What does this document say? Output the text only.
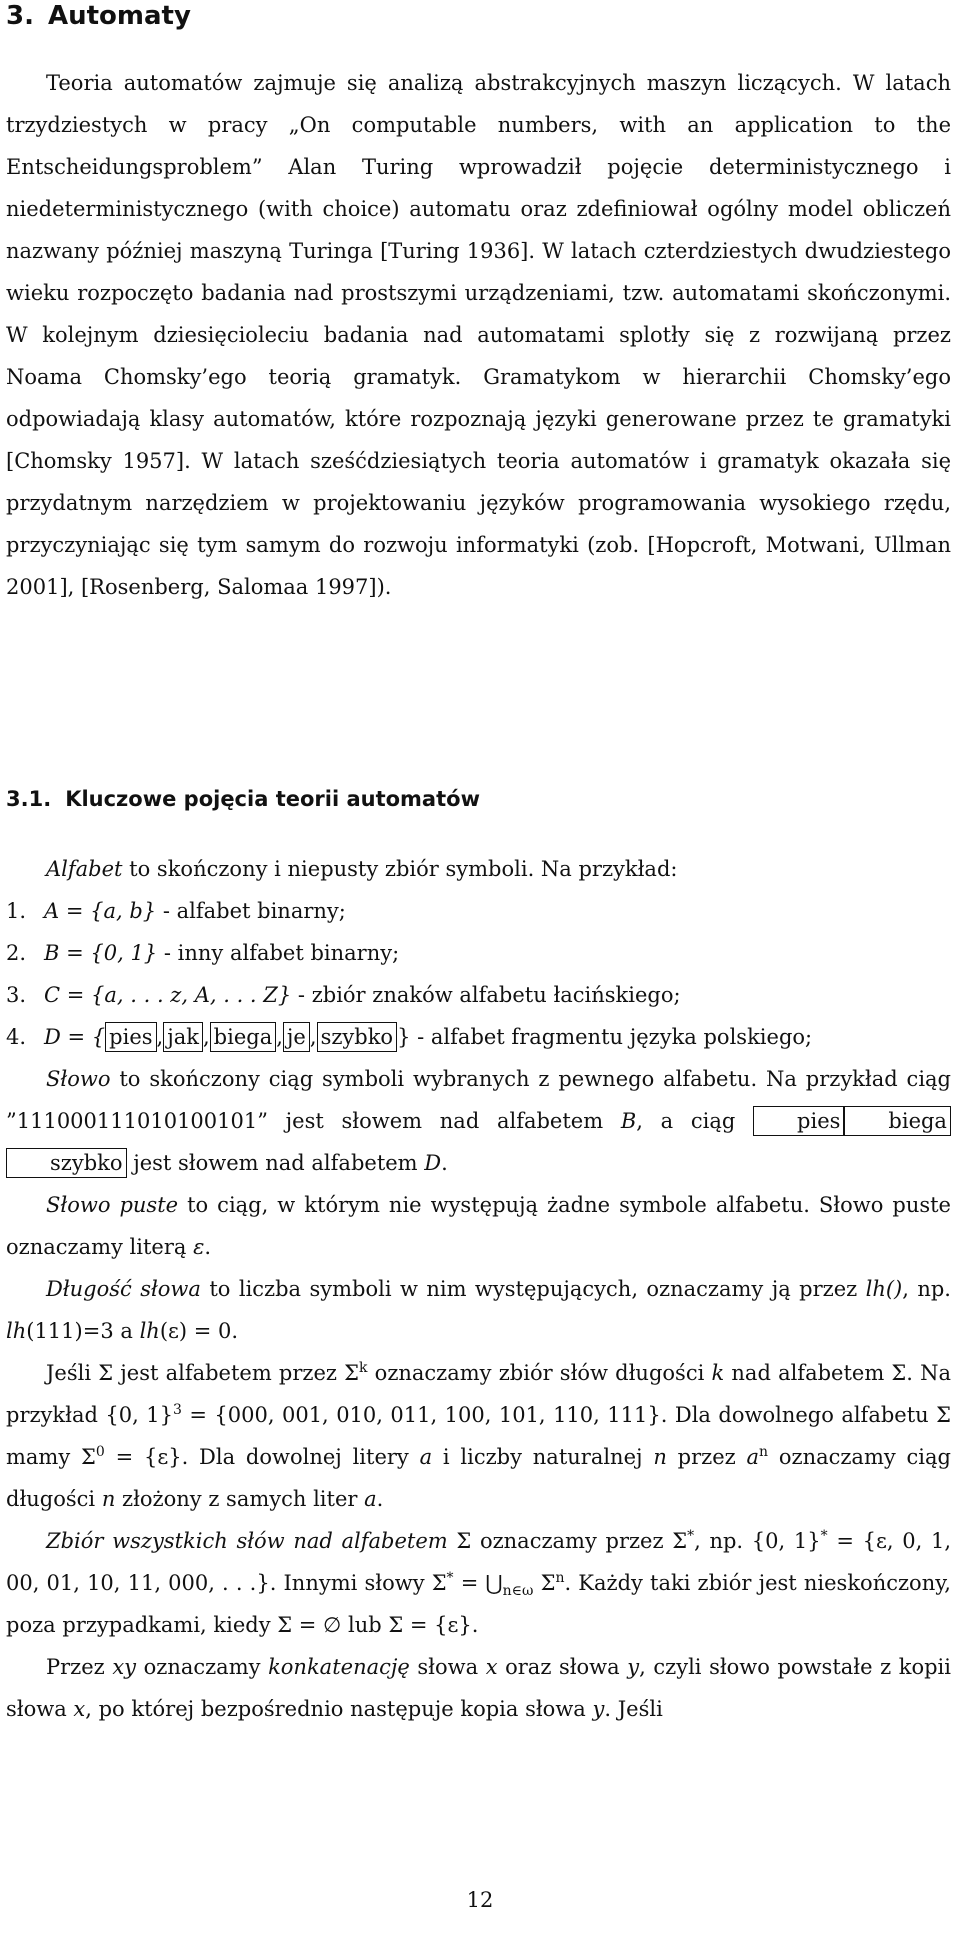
3. Automaty

Teoria automatów zajmuje się analizą abstrakcyjnych maszyn liczących. W latach trzydziestych w pracy „On computable numbers, with an application to the Entscheidungsproblem” Alan Turing wprowadził pojęcie deterministycznego i niedeterministycznego (with choice) automatu oraz zdefiniował ogólny model obliczeń nazwany później maszyną Turinga [Turing 1936]. W latach czterdziestych dwudziestego wieku rozpoczęto badania nad prostszymi urządzeniami, tzw. automatami skończonymi. W kolejnym dziesięcioleciu badania nad automatami splotły się z rozwijaną przez Noama Chomsky’ego teorią gramatyk. Gramatykom w hierarchii Chomsky’ego odpowiadają klasy automatów, które rozpoznają języki generowane przez te gramatyki [Chomsky 1957]. W latach sześćdziesiątych teoria automatów i gramatyk okazała się przydatnym narzędziem w projektowaniu języków programowania wysokiego rzędu, przyczyniając się tym samym do rozwoju informatyki (zob. [Hopcroft, Motwani, Ullman 2001], [Rosenberg, Salomaa 1997]).

3.1. Kluczowe pojęcia teorii automatów

Alfabet to skończony i niepusty zbiór symboli. Na przykład:

1. A = {a, b} - alfabet binarny;
2. B = {0, 1} - inny alfabet binarny;
3. C = {a, . . . z, A, . . . Z} - zbiór znaków alfabetu łacińskiego;
4. D = { pies , jak , biega , je , szybko } - alfabet fragmentu języka polskiego;

Słowo to skończony ciąg symboli wybranych z pewnego alfabetu. Na przykład ciąg ”111000111010100101” jest słowem nad alfabetem B, a ciąg	pies biegaszybko jest słowem nad alfabetem D.

Słowo puste to ciąg, w którym nie występują żadne symbole alfabetu. Słowo puste oznaczamy literą ε.

Długość słowa to liczba symboli w nim występujących, oznaczamy ją przez lh(), np. lh(111)=3 a lh(ε) = 0.

Jeśli Σ jest alfabetem przez $\Sigma^k$ oznaczamy zbiór słów długości k nad alfabetem Σ. Na przykład {0, 1}$^3$ = {000, 001, 010, 011, 100, 101, 110, 111}. Dla dowolnego alfabetu Σ mamy $\Sigma^0 = \{\varepsilon\}$. Dla dowolnej litery a i liczby naturalnej n przez $a^n$ oznaczamy ciąg długości n złożony z samych liter a.

Zbiór wszystkich słów nad alfabetem Σ oznaczamy przez Σ*, np. {0, 1}* = {ε, 0, 1, 00, 01, 10, 11, 000, . . .}. Innymi słowy $\Sigma^* = ⋃_{n\in\omega}$ $\Sigma^n$. Każdy taki zbiór jest nieskończony, poza przypadkami, kiedy Σ = ∅ lub Σ = {ε}.

Przez xy oznaczamy konkatenację słowa x oraz słowa y, czyli słowo powstałe z kopii słowa x, po której bezpośrednio następuje kopia słowa y. Jeśli

12
